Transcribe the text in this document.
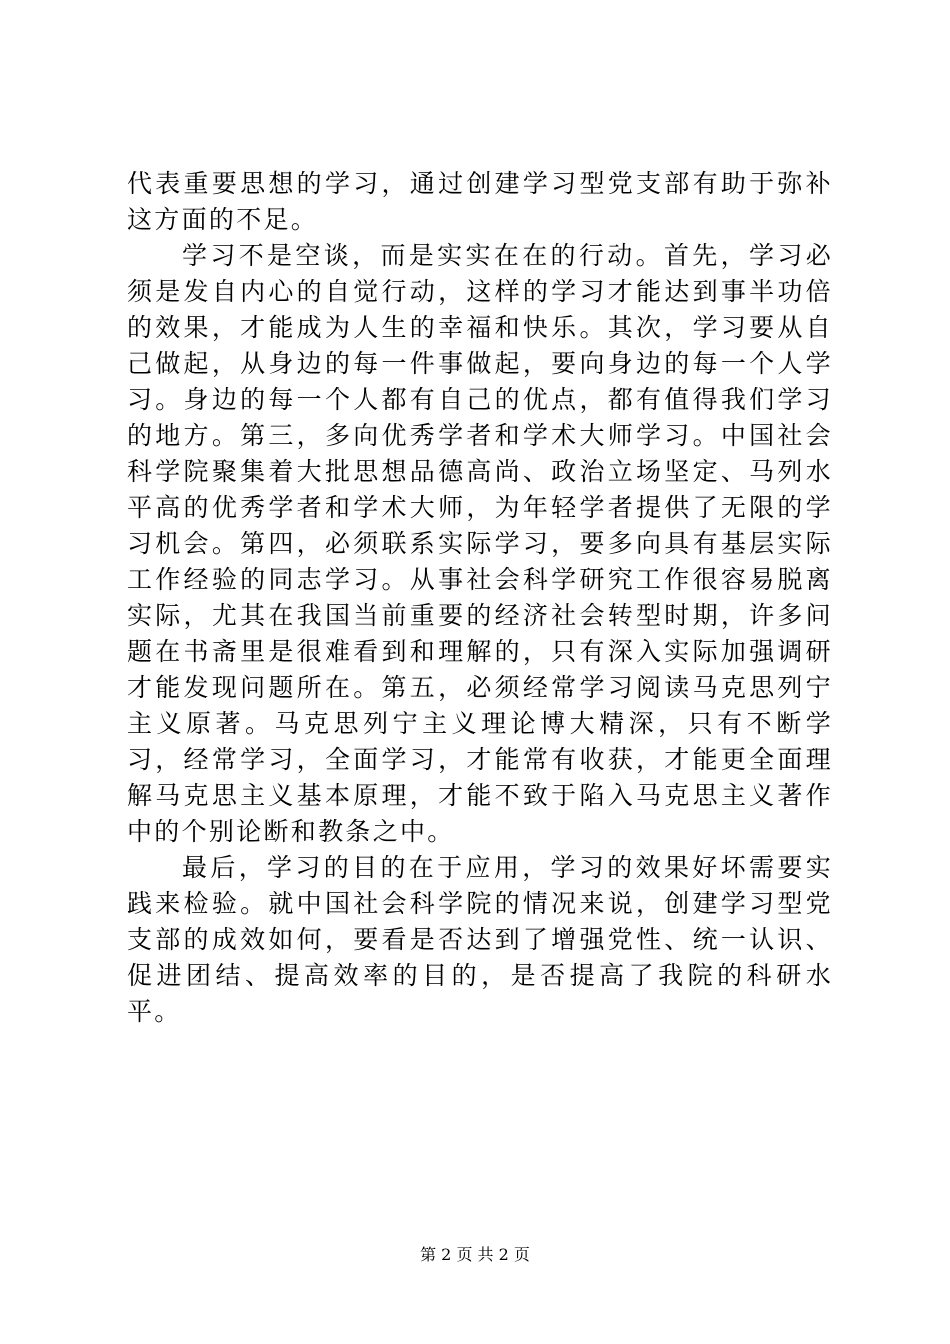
代表重要思想的学习，通过创建学习型党支部有助于弥补这方面的不足。

学习不是空谈，而是实实在在的行动。首先，学习必须是发自内心的自觉行动，这样的学习才能达到事半功倍的效果，才能成为人生的幸福和快乐。其次，学习要从自己做起，从身边的每一件事做起，要向身边的每一个人学习。身边的每一个人都有自己的优点，都有值得我们学习的地方。第三，多向优秀学者和学术大师学习。中国社会科学院聚集着大批思想品德高尚、政治立场坚定、马列水平高的优秀学者和学术大师，为年轻学者提供了无限的学习机会。第四，必须联系实际学习，要多向具有基层实际工作经验的同志学习。从事社会科学研究工作很容易脱离实际，尤其在我国当前重要的经济社会转型时期，许多问题在书斋里是很难看到和理解的，只有深入实际加强调研才能发现问题所在。第五，必须经常学习阅读马克思列宁主义原著。马克思列宁主义理论博大精深，只有不断学习，经常学习，全面学习，才能常有收获，才能更全面理解马克思主义基本原理，才能不致于陷入马克思主义著作中的个别论断和教条之中。

最后，学习的目的在于应用，学习的效果好坏需要实践来检验。就中国社会科学院的情况来说，创建学习型党支部的成效如何，要看是否达到了增强党性、统一认识、促进团结、提高效率的目的，是否提高了我院的科研水平。

第 2 页 共 2 页
